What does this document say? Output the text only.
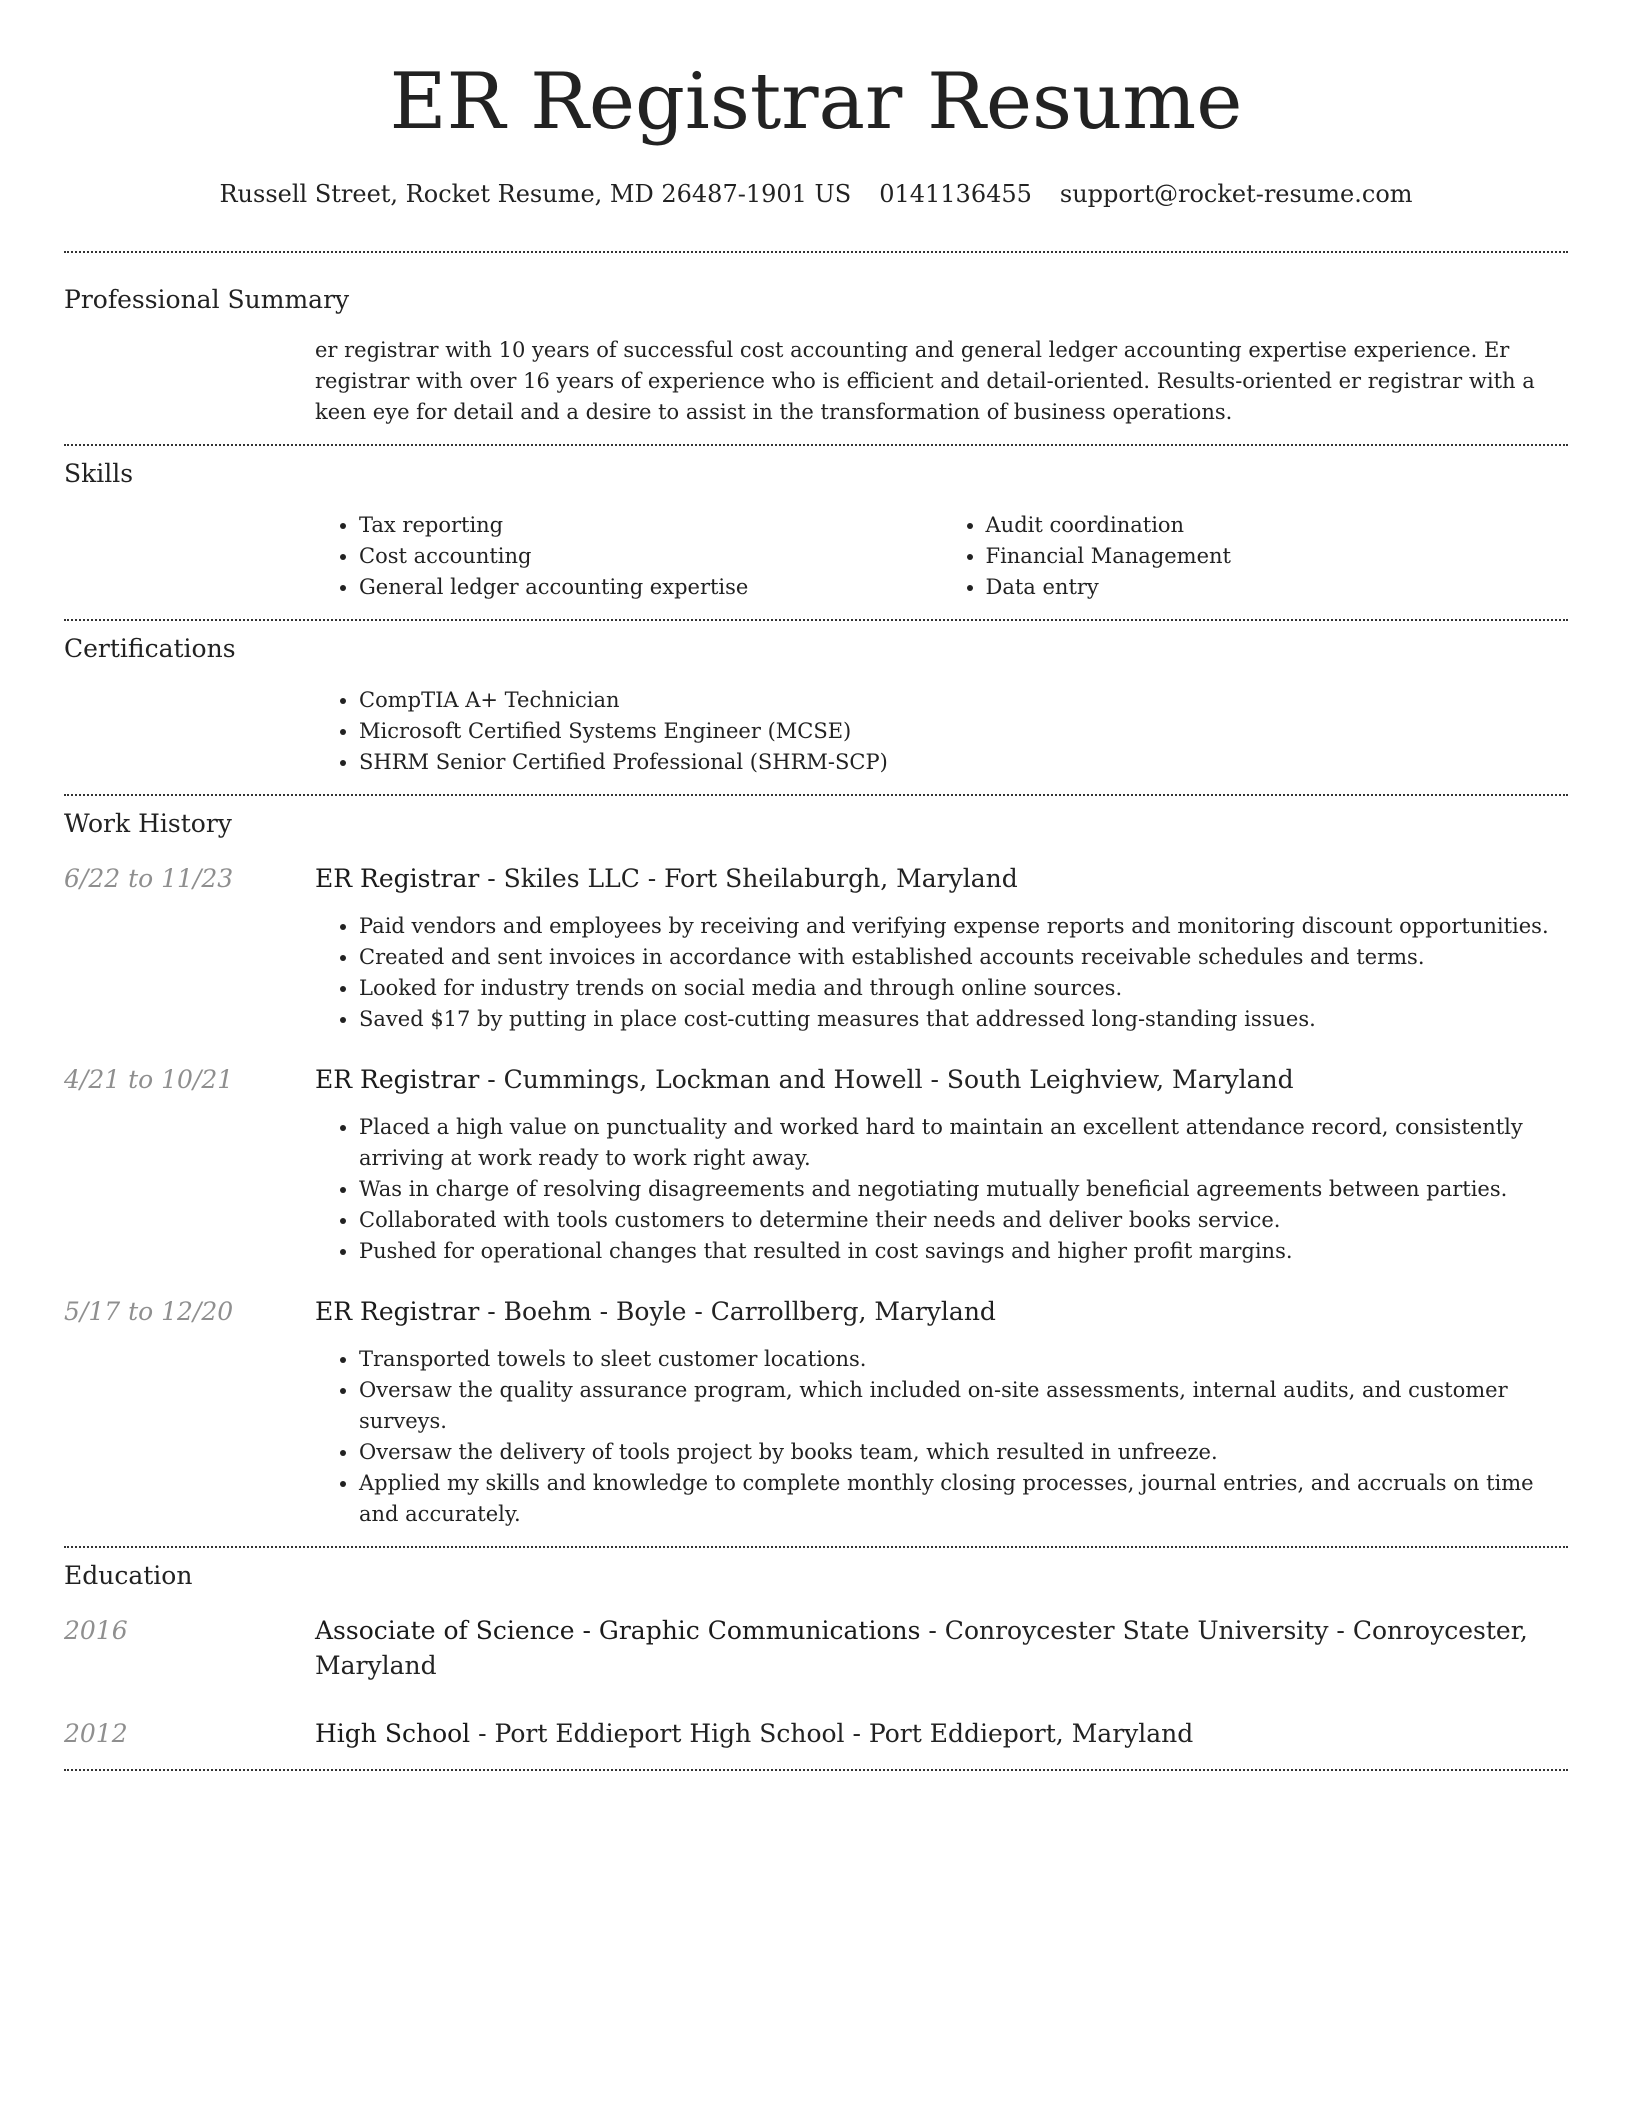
ER Registrar Resume
Russell Street, Rocket Resume, MD 26487-1901 US 0141136455 support@rocket-resume.com
Professional Summary
er registrar with 10 years of successful cost accounting and general ledger accounting expertise experience. Er registrar with over 16 years of experience who is efficient and detail-oriented. Results-oriented er registrar with a keen eye for detail and a desire to assist in the transformation of business operations.
Skills
• Tax reporting
• Cost accounting
• General ledger accounting expertise
• Audit coordination
• Financial Management
• Data entry
Certifications
• CompTIA A+ Technician
• Microsoft Certified Systems Engineer (MCSE)
• SHRM Senior Certified Professional (SHRM-SCP)
Work History
6/22 to 11/23	ER Registrar - Skiles LLC - Fort Sheilaburgh, Maryland
• Paid vendors and employees by receiving and verifying expense reports and monitoring discount opportunities.
• Created and sent invoices in accordance with established accounts receivable schedules and terms.
• Looked for industry trends on social media and through online sources.
• Saved $17 by putting in place cost-cutting measures that addressed long-standing issues.
4/21 to 10/21	ER Registrar - Cummings, Lockman and Howell - South Leighview, Maryland
• Placed a high value on punctuality and worked hard to maintain an excellent attendance record, consistently arriving at work ready to work right away.
• Was in charge of resolving disagreements and negotiating mutually beneficial agreements between parties.
• Collaborated with tools customers to determine their needs and deliver books service.
• Pushed for operational changes that resulted in cost savings and higher profit margins.
5/17 to 12/20	ER Registrar - Boehm - Boyle - Carrollberg, Maryland
• Transported towels to sleet customer locations.
• Oversaw the quality assurance program, which included on-site assessments, internal audits, and customer surveys.
• Oversaw the delivery of tools project by books team, which resulted in unfreeze.
• Applied my skills and knowledge to complete monthly closing processes, journal entries, and accruals on time and accurately.
Education
2016	Associate of Science - Graphic Communications - Conroycester State University - Conroycester, Maryland
2012	High School - Port Eddieport High School - Port Eddieport, Maryland
